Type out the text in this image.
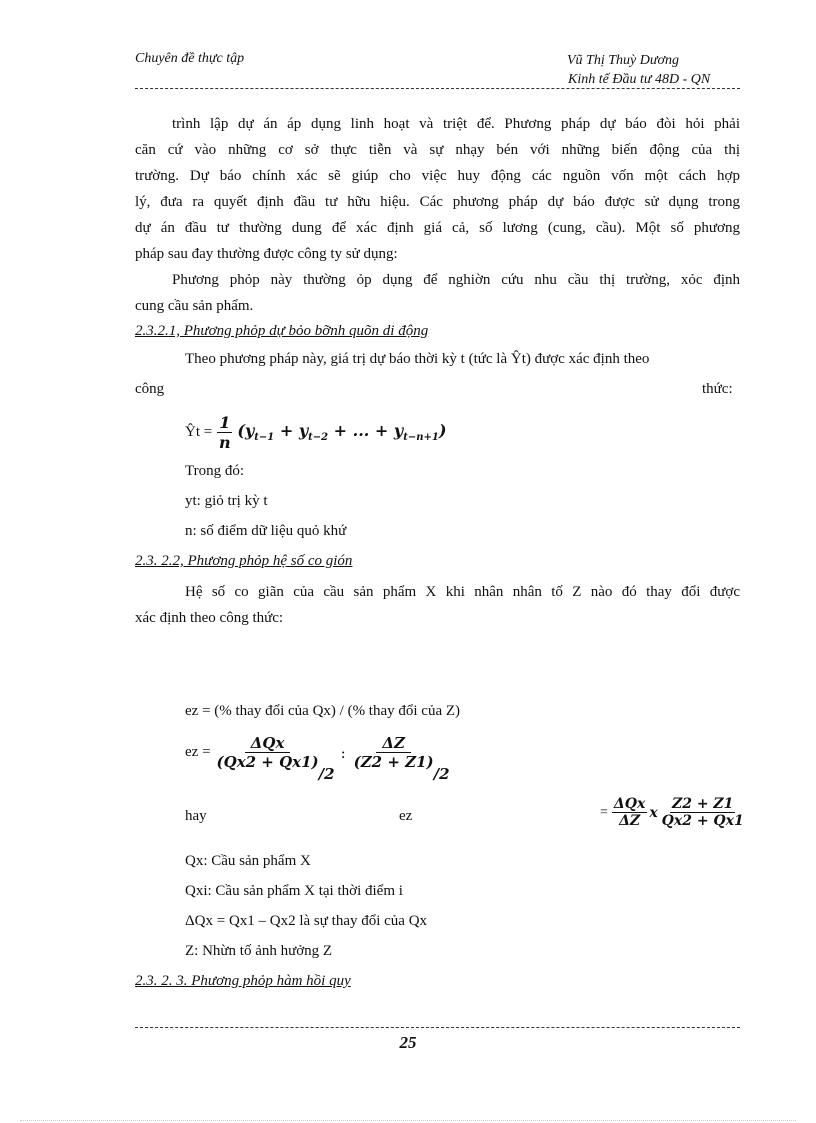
Chuyên đề thực tập	Vũ Thị Thuỳ Dương
Kinh tế Đầu tư 48D - QN
trình lập dự án áp dụng linh hoạt và triệt để. Phương pháp dự báo đòi hỏi phải
căn cứ vào những cơ sở thực tiễn và sự nhạy bén với những biến động của thị
trường. Dự báo chính xác sẽ giúp cho việc huy động các nguồn vốn một cách hợp
lý, đưa ra quyết định đầu tư hữu hiệu. Các phương pháp dự báo được sử dụng trong
dự án đầu tư thường dung để xác định giá cả, số lương (cung, cầu). Một số phương
pháp sau đay thường được công ty sử dụng:
Phương phỏp này thường ỏp dụng để nghiờn cứu nhu cầu thị trường, xỏc định
cung cầu sản phẩm.
2.3.2.1, Phương phỏp dự bỏo bỡnh quõn di động
Theo phương pháp này, giá trị dự báo thời kỳ t (tức là Ŷt) được xác định theo
công	thức:
Ŷt = $\frac{1}{n} (y_{t-1} + y_{t-2}$ + ... + $y_{t-n+1}$)
Trong đó:
yt: giỏ trị kỳ t
n: số điểm dữ liệu quỏ khứ
2.3. 2.2, Phương phỏp hệ số co gión
Hệ số co giãn của cầu sản phẩm X khi nhân nhân tố Z nào đó thay đổi được
xác định theo công thức:
ez = (% thay đổi của Qx) / (% thay đổi của Z)
ez = $\frac{\text{ΔQx}}{(Qx2 + Qx1)}$
/2
: $\frac{\Delta Z}{(Z2 + Z1)}$
/2
hay	ez	= $\frac{\text{ΔQx}}{\Delta Z}$ x $\frac{Z2 + Z1}{Qx2 + Qx1}$
Qx: Cầu sản phẩm X
Qxi: Cầu sản phẩm X tại thời điểm i
ΔQx = Qx1 – Qx2 là sự thay đổi của Qx
Z: Nhừn tố ảnh hưởng Z
2.3. 2. 3. Phương phỏp hàm hồi quy
25
